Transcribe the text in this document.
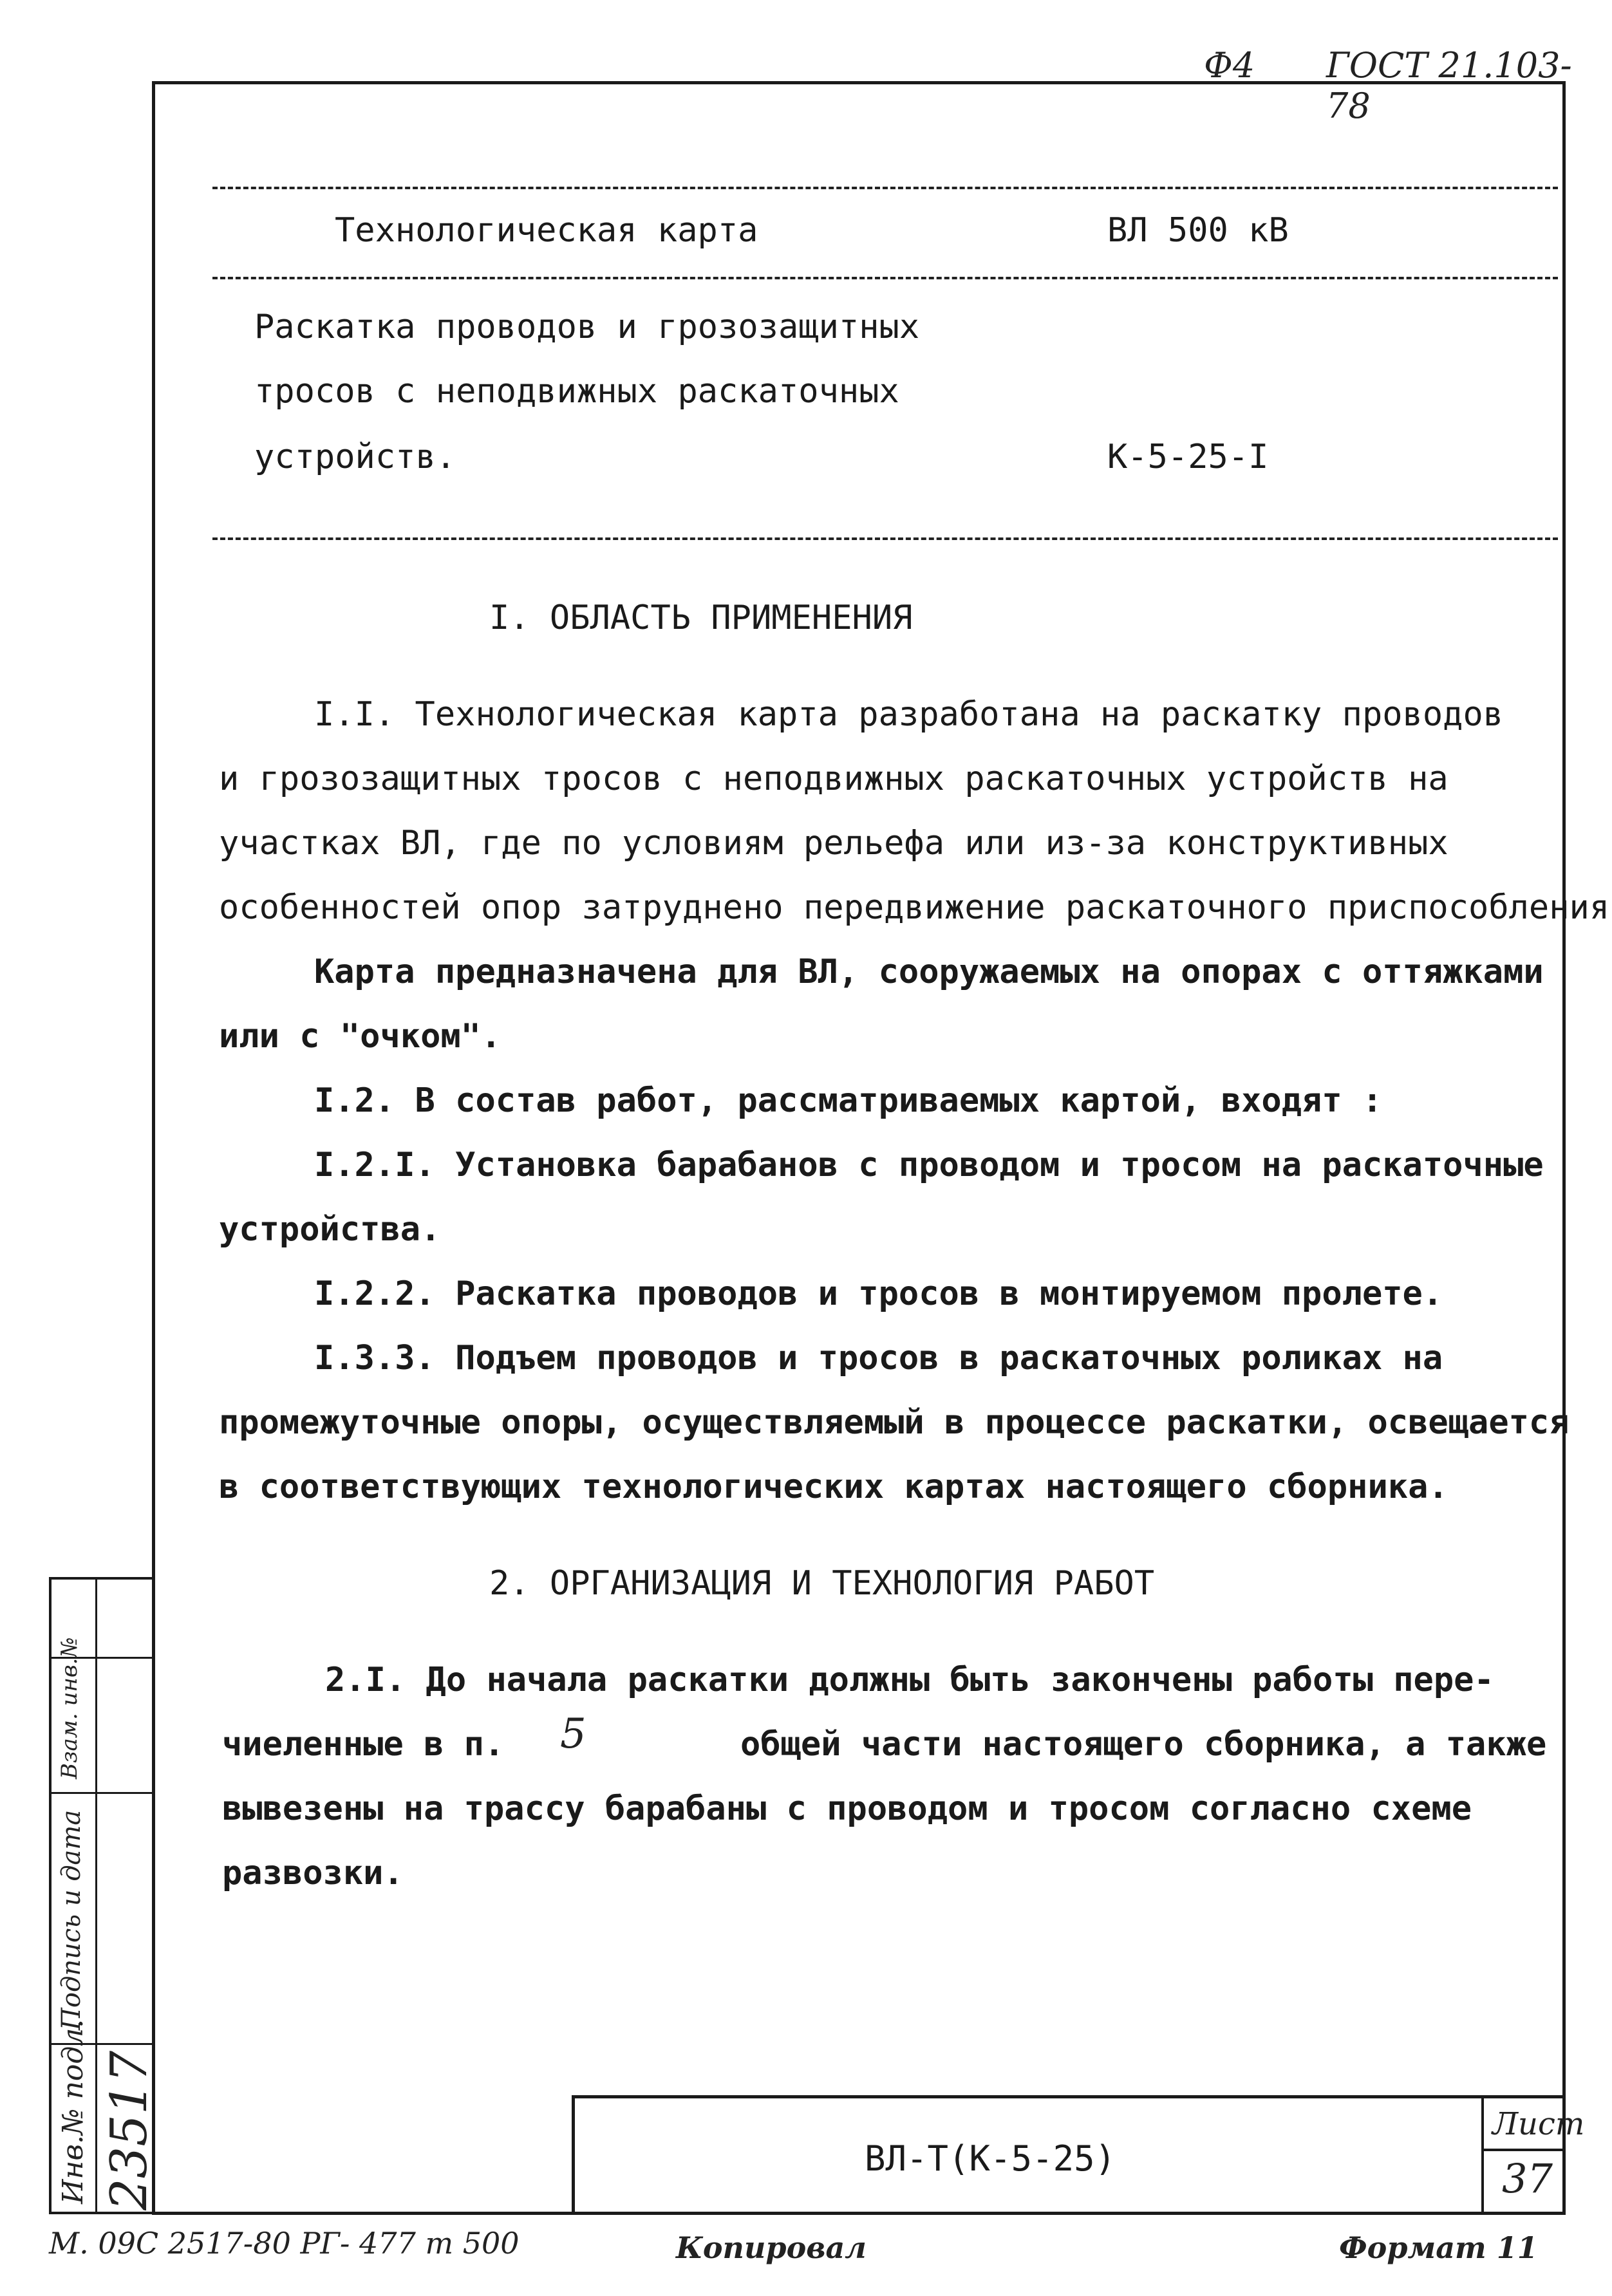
Ф4 ГОСТ 21.103-78
Технологическая карта	ВЛ 500 кВ
Раскатка проводов и грозозащитных
тросов с неподвижных раскаточных
устройств.	К-5-25-I
I. ОБЛАСТЬ ПРИМЕНЕНИЯ
I.I. Технологическая карта разработана на раскатку проводов
и грозозащитных тросов с неподвижных раскаточных устройств на
участках ВЛ, где по условиям рельефа или из-за конструктивных
особенностей опор затруднено передвижение раскаточного приспособления
Карта предназначена для ВЛ, сооружаемых на опорах с оттяжками
или с "очком".
I.2. В состав работ, рассматриваемых картой, входят :
I.2.I. Установка барабанов с проводом и тросом на раскаточные
устройства.
I.2.2. Раскатка проводов и тросов в монтируемом пролете.
I.3.3. Подъем проводов и тросов в раскаточных роликах на
промежуточные опоры, осуществляемый в процессе раскатки, освещается
в соответствующих технологических картах настоящего сборника.
2. ОРГАНИЗАЦИЯ И ТЕХНОЛОГИЯ РАБОТ
2.I. До начала раскатки должны быть закончены работы пере-
чиеленные в п. 5	общей части настоящего сборника, а также
вывезены на трассу барабаны с проводом и тросом согласно схеме
развозки.
Инв.№ подл. 23517
Подпись и дата
Взам. инв.№
ВЛ-Т(К-5-25)
Лист
37
М. 09С 2517-80 РГ- 477 т 500	Копировал	Формат 11
